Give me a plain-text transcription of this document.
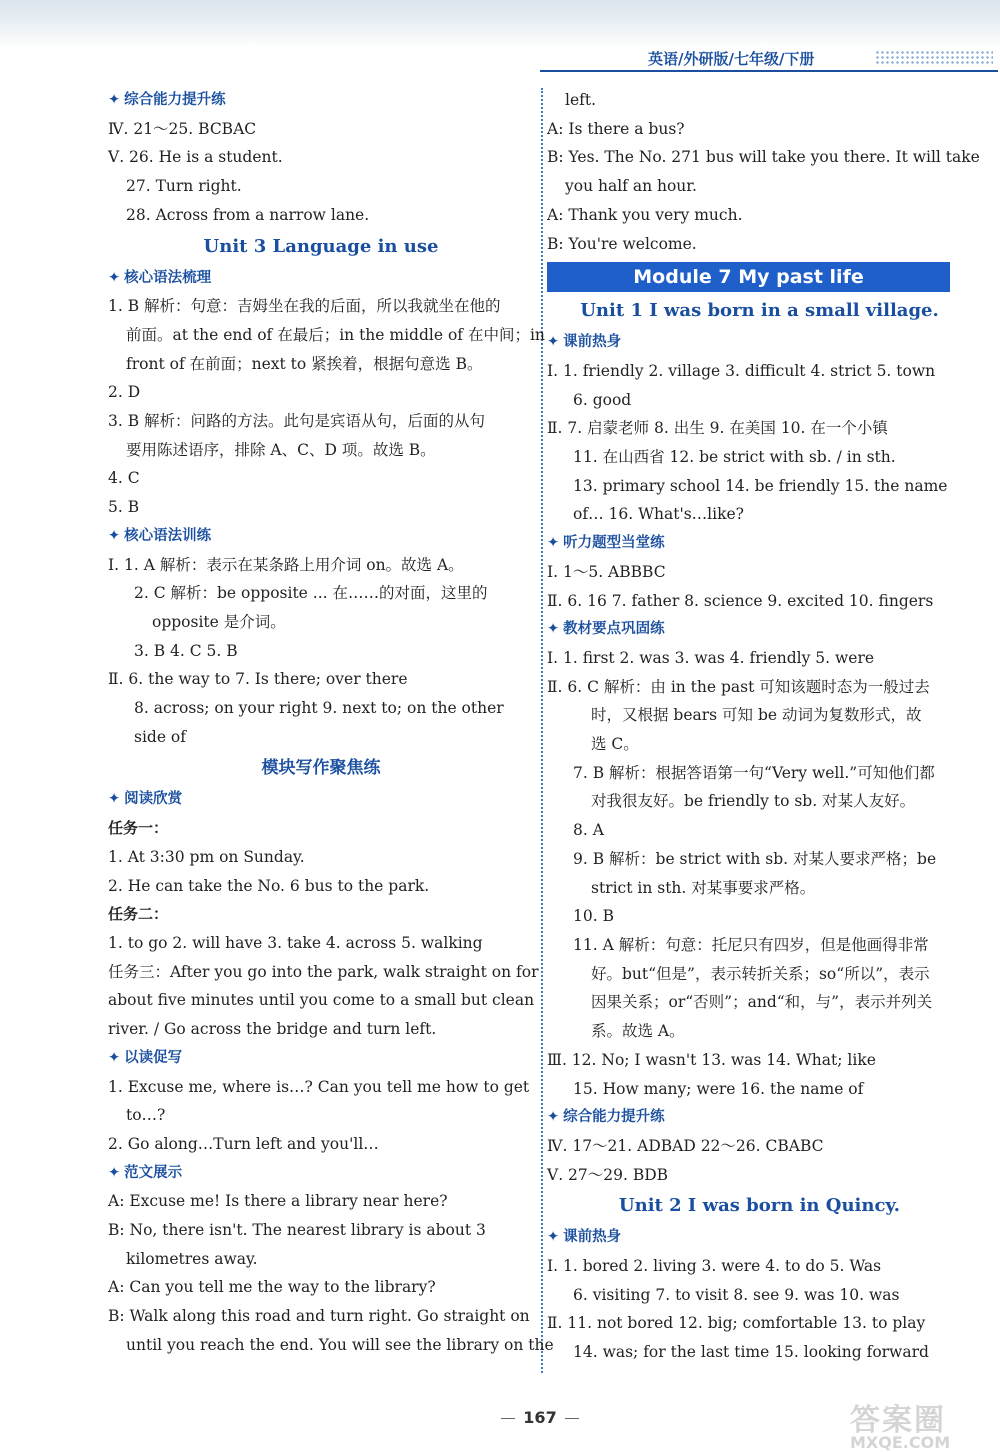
英语/外研版/七年级/下册
✦ 综合能力提升练
Ⅳ. 21～25. BCBAC
Ⅴ. 26. He is a student.
27. Turn right.
28. Across from a narrow lane.
Unit 3 Language in use
✦ 核心语法梳理
1. B 解析：句意：吉姆坐在我的后面，所以我就坐在他的
前面。at the end of 在最后；in the middle of 在中间；in
front of 在前面；next to 紧挨着，根据句意选 B。
2. D
3. B 解析：问路的方法。此句是宾语从句，后面的从句
要用陈述语序，排除 A、C、D 项。故选 B。
4. C
5. B
✦ 核心语法训练
Ⅰ. 1. A 解析：表示在某条路上用介词 on。故选 A。
2. C 解析：be opposite ... 在……的对面，这里的
opposite 是介词。
3. B 4. C 5. B
Ⅱ. 6. the way to 7. Is there; over there
8. across; on your right 9. next to; on the other
side of
模块写作聚焦练
✦ 阅读欣赏
任务一：
1. At 3:30 pm on Sunday.
2. He can take the No. 6 bus to the park.
任务二：
1. to go 2. will have 3. take 4. across 5. walking
任务三：After you go into the park, walk straight on for
about five minutes until you come to a small but clean
river. / Go across the bridge and turn left.
✦ 以读促写
1. Excuse me, where is…? Can you tell me how to get
to…?
2. Go along…Turn left and you'll…
✦ 范文展示
A: Excuse me! Is there a library near here?
B: No, there isn't. The nearest library is about 3
kilometres away.
A: Can you tell me the way to the library?
B: Walk along this road and turn right. Go straight on
until you reach the end. You will see the library on the
left.
A: Is there a bus?
B: Yes. The No. 271 bus will take you there. It will take
you half an hour.
A: Thank you very much.
B: You're welcome.
Module 7 My past life
Unit 1 I was born in a small village.
✦ 课前热身
Ⅰ. 1. friendly 2. village 3. difficult 4. strict 5. town
6. good
Ⅱ. 7. 启蒙老师 8. 出生 9. 在美国 10. 在一个小镇
11. 在山西省 12. be strict with sb. / in sth.
13. primary school 14. be friendly 15. the name
of… 16. What's…like?
✦ 听力题型当堂练
Ⅰ. 1～5. ABBBC
Ⅱ. 6. 16 7. father 8. science 9. excited 10. fingers
✦ 教材要点巩固练
Ⅰ. 1. first 2. was 3. was 4. friendly 5. were
Ⅱ. 6. C 解析：由 in the past 可知该题时态为一般过去
时，又根据 bears 可知 be 动词为复数形式，故
选 C。
7. B 解析：根据答语第一句“Very well.”可知他们都
对我很友好。be friendly to sb. 对某人友好。
8. A
9. B 解析：be strict with sb. 对某人要求严格；be
strict in sth. 对某事要求严格。
10. B
11. A 解析：句意：托尼只有四岁，但是他画得非常
好。but“但是”，表示转折关系；so“所以”，表示
因果关系；or“否则”；and“和，与”，表示并列关
系。故选 A。
Ⅲ. 12. No; I wasn't 13. was 14. What; like
15. How many; were 16. the name of
✦ 综合能力提升练
Ⅳ. 17～21. ADBAD 22～26. CBABC
Ⅴ. 27～29. BDB
Unit 2 I was born in Quincy.
✦ 课前热身
Ⅰ. 1. bored 2. living 3. were 4. to do 5. Was
6. visiting 7. to visit 8. see 9. was 10. was
Ⅱ. 11. not bored 12. big; comfortable 13. to play
14. was; for the last time 15. looking forward
167	答案圈
MXQE.COM
